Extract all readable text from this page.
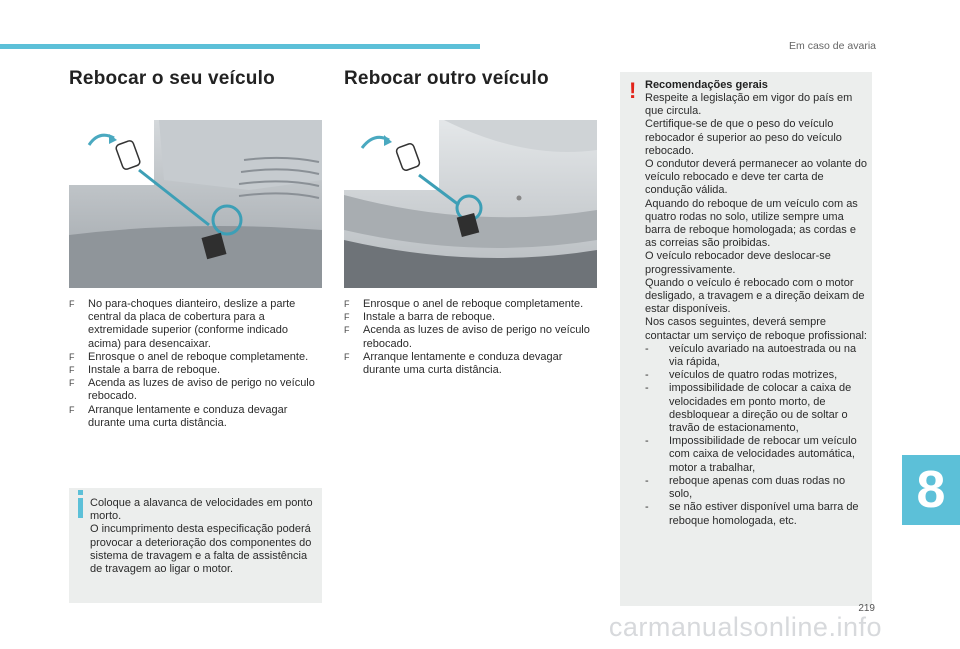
Em caso de avaria
Rebocar o seu veículo
F	No para-choques dianteiro, deslize a parte central da placa de cobertura para a extremidade superior (conforme indicado acima) para desencaixar.
F	Enrosque o anel de reboque completamente.
F	Instale a barra de reboque.
F	Acenda as luzes de aviso de perigo no veículo rebocado.
F	Arranque lentamente e conduza devagar durante uma curta distância.
Coloque a alavanca de velocidades em ponto morto.
O incumprimento desta especificação poderá provocar a deterioração dos componentes do sistema de travagem e a falta de assistência de travagem ao ligar o motor.
Rebocar outro veículo
F	Enrosque o anel de reboque completamente.
F	Instale a barra de reboque.
F	Acenda as luzes de aviso de perigo no veículo rebocado.
F	Arranque lentamente e conduza devagar durante uma curta distância.
! Recomendações gerais

Respeite a legislação em vigor do país em que circula.

Certifique-se de que o peso do veículo rebocador é superior ao peso do veículo rebocado.

O condutor deverá permanecer ao volante do veículo rebocado e deve ter carta de condução válida.

Aquando do reboque de um veículo com as quatro rodas no solo, utilize sempre uma barra de reboque homologada; as cordas e as correias são proibidas.

O veículo rebocador deve deslocar-se progressivamente.

Quando o veículo é rebocado com o motor desligado, a travagem e a direção deixam de estar disponíveis.

Nos casos seguintes, deverá sempre contactar um serviço de reboque profissional:

- veículo avariado na autoestrada ou na via rápida,
- veículos de quatro rodas motrizes,
- impossibilidade de colocar a caixa de velocidades em ponto morto, de desbloquear a direção ou de soltar o travão de estacionamento,
- Impossibilidade de rebocar um veículo com caixa de velocidades automática, motor a trabalhar,
- reboque apenas com duas rodas no solo,
- se não estiver disponível uma barra de reboque homologada, etc.
8
219
carmanualsonline.info
